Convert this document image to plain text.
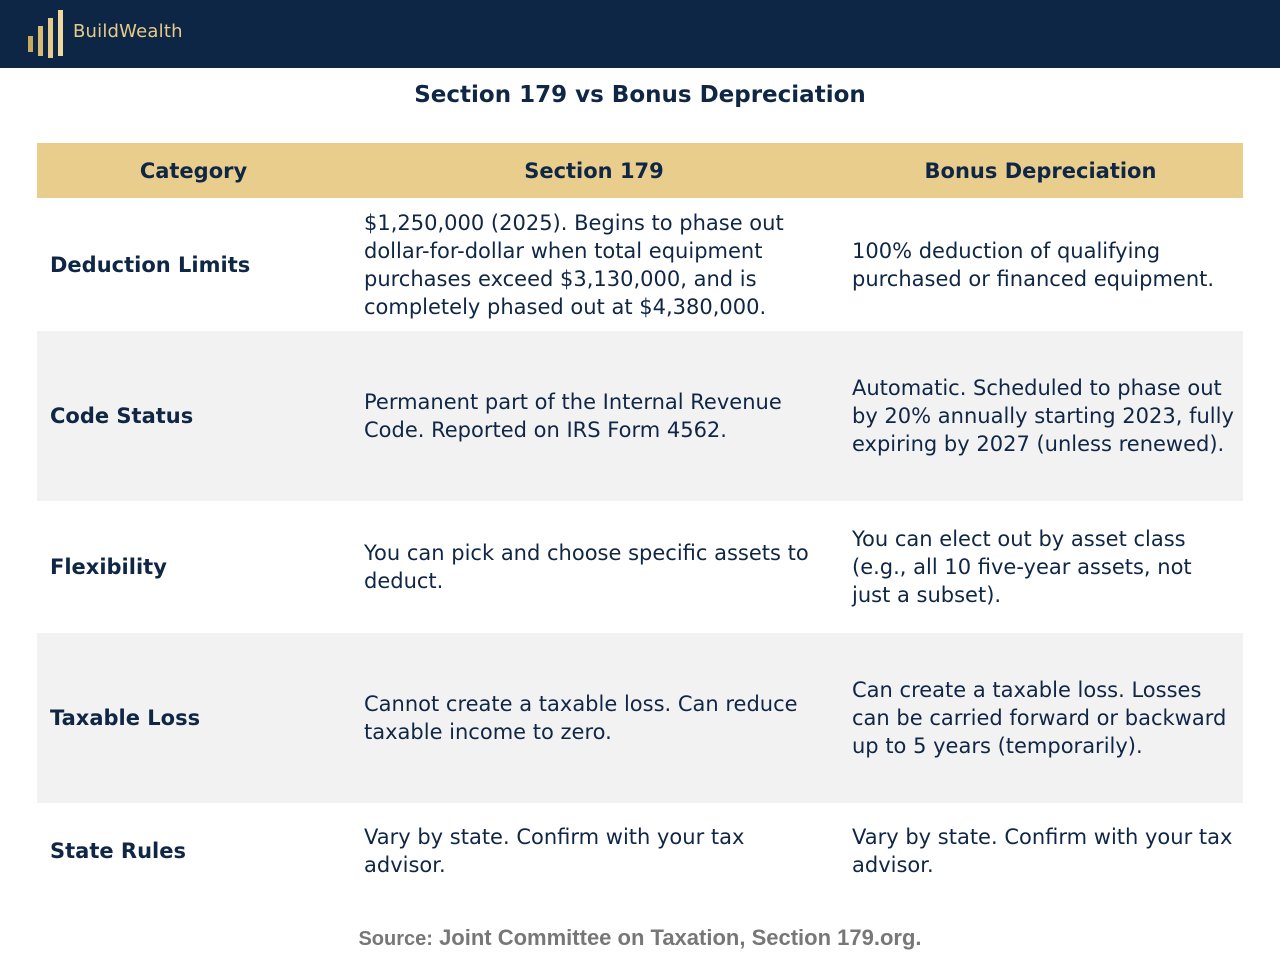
BuildWealth
Section 179 vs Bonus Depreciation
Category	Section 179	Bonus Depreciation
Deduction Limits	$1,250,000 (2025). Begins to phase out dollar-for-dollar when total equipment purchases exceed $3,130,000, and is completely phased out at $4,380,000.	100% deduction of qualifying purchased or financed equipment.
Code Status	Permanent part of the Internal Revenue Code. Reported on IRS Form 4562.	Automatic. Scheduled to phase out by 20% annually starting 2023, fully expiring by 2027 (unless renewed).
Flexibility	You can pick and choose specific assets to deduct.	You can elect out by asset class (e.g., all 10 five-year assets, not just a subset).
Taxable Loss	Cannot create a taxable loss. Can reduce taxable income to zero.	Can create a taxable loss. Losses can be carried forward or backward up to 5 years (temporarily).
State Rules	Vary by state. Confirm with your tax advisor.	Vary by state. Confirm with your tax advisor.
Source: Joint Committee on Taxation, Section 179.org.
